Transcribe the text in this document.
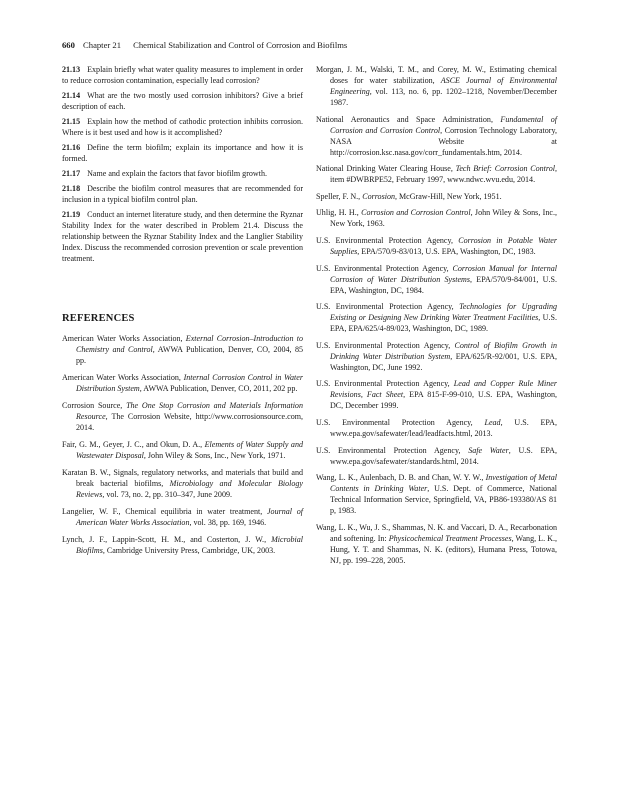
660 Chapter 21 Chemical Stabilization and Control of Corrosion and Biofilms

21.13 Explain briefly what water quality measures to implement in order to reduce corrosion contamination, especially lead corrosion?

21.14 What are the two mostly used corrosion inhibitors? Give a brief description of each.

21.15 Explain how the method of cathodic protection inhibits corrosion. Where is it best used and how is it accomplished?

21.16 Define the term biofilm; explain its importance and how it is formed.

21.17 Name and explain the factors that favor biofilm growth.

21.18 Describe the biofilm control measures that are recommended for inclusion in a typical biofilm control plan.

21.19 Conduct an internet literature study, and then determine the Ryznar Stability Index for the water described in Problem 21.4. Discuss the relationship between the Ryznar Stability Index and the Langlier Stability Index. Discuss the recommended corrosion prevention or scale prevention treatment.

REFERENCES

American Water Works Association, External Corrosion–Introduction to Chemistry and Control, AWWA Publication, Denver, CO, 2004, 85 pp.

American Water Works Association, Internal Corrosion Control in Water Distribution System, AWWA Publication, Denver, CO, 2011, 202 pp.

Corrosion Source, The One Stop Corrosion and Materials Information Resource, The Corrosion Website, http://www.corrosionsource.com, 2014.

Fair, G. M., Geyer, J. C., and Okun, D. A., Elements of Water Supply and Wastewater Disposal, John Wiley & Sons, Inc., New York, 1971.

Karatan B. W., Signals, regulatory networks, and materials that build and break bacterial biofilms, Microbiology and Molecular Biology Reviews, vol. 73, no. 2, pp. 310–347, June 2009.

Langelier, W. F., Chemical equilibria in water treatment, Journal of American Water Works Association, vol. 38, pp. 169, 1946.

Lynch, J. F., Lappin-Scott, H. M., and Costerton, J. W., Microbial Biofilms, Cambridge University Press, Cambridge, UK, 2003.

Morgan, J. M., Walski, T. M., and Corey, M. W., Estimating chemical doses for water stabilization, ASCE Journal of Environmental Engineering, vol. 113, no. 6, pp. 1202–1218, November/December 1987.

National Aeronautics and Space Administration, Fundamental of Corrosion and Corrosion Control, Corrosion Technology Laboratory, NASA Website at http://corrosion.ksc.nasa.gov/corr_fundamentals.htm, 2014.

National Drinking Water Clearing House, Tech Brief: Corrosion Control, item #DWBRPE52, February 1997, www.ndwc.wvu.edu, 2014.

Speller, F. N., Corrosion, McGraw-Hill, New York, 1951.

Uhlig, H. H., Corrosion and Corrosion Control, John Wiley & Sons, Inc., New York, 1963.

U.S. Environmental Protection Agency, Corrosion in Potable Water Supplies, EPA/570/9-83/013, U.S. EPA, Washington, DC, 1983.

U.S. Environmental Protection Agency, Corrosion Manual for Internal Corrosion of Water Distribution Systems, EPA/570/9-84/001, U.S. EPA, Washington, DC, 1984.

U.S. Environmental Protection Agency, Technologies for Upgrading Existing or Designing New Drinking Water Treatment Facilities, U.S. EPA, EPA/625/4-89/023, Washington, DC, 1989.

U.S. Environmental Protection Agency, Control of Biofilm Growth in Drinking Water Distribution System, EPA/625/R-92/001, U.S. EPA, Washington, DC, June 1992.

U.S. Environmental Protection Agency, Lead and Copper Rule Miner Revisions, Fact Sheet, EPA 815-F-99-010, U.S. EPA, Washington, DC, December 1999.

U.S. Environmental Protection Agency, Lead, U.S. EPA, www.epa.gov/safewater/lead/leadfacts.html, 2013.

U.S. Environmental Protection Agency, Safe Water, U.S. EPA, www.epa.gov/safewater/standards.html, 2014.

Wang, L. K., Aulenbach, D. B. and Chan, W. Y. W., Investigation of Metal Contents in Drinking Water, U.S. Dept. of Commerce, National Technical Information Service, Springfield, VA, PB86-193380/AS 81 p, 1983.

Wang, L. K., Wu, J. S., Shammas, N. K. and Vaccari, D. A., Recarbonation and softening. In: Physicochemical Treatment Processes, Wang, L. K., Hung, Y. T. and Shammas, N. K. (editors), Humana Press, Totowa, NJ, pp. 199–228, 2005.
